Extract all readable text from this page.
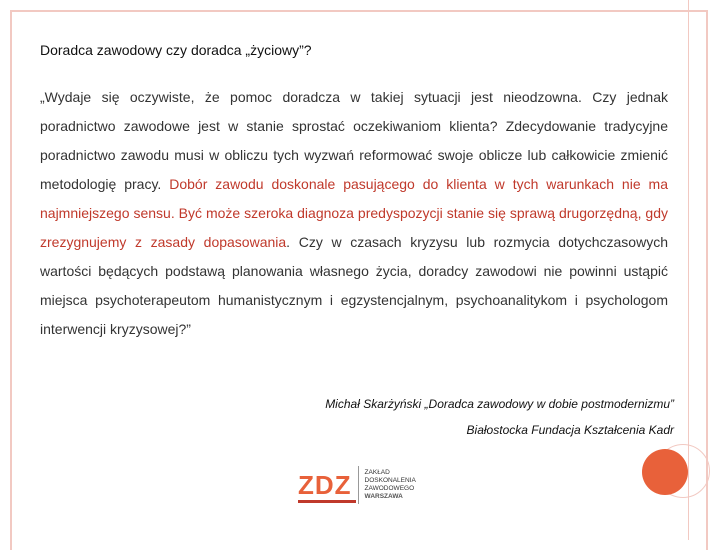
Doradca zawodowy czy doradca „życiowy”?

„Wydaje się oczywiste, że pomoc doradcza w takiej sytuacji jest nieodzowna. Czy jednak poradnictwo zawodowe jest w stanie sprostać oczekiwaniom klienta? Zdecydowanie tradycyjne poradnictwo zawodu musi w obliczu tych wyzwań reformować swoje oblicze lub całkowicie zmienić metodologię pracy. Dobór zawodu doskonale pasującego do klienta w tych warunkach nie ma najmniejszego sensu. Być może szeroka diagnoza predyspozycji stanie się sprawą drugorzędną, gdy zrezygnujemy z zasady dopasowania. Czy w czasach kryzysu lub rozmycia dotychczasowych wartości będących podstawą planowania własnego życia, doradcy zawodowi nie powinni ustąpić miejsca psychoterapeutom humanistycznym i egzystencjalnym, psychoanalitykom i psychologom interwencji kryzysowej?”

Michał Skarżyński „Doradca zawodowy w dobie postmodernizmu”
Białostocka Fundacja Kształcenia Kadr
ZDZ ZAKŁAD
DOSKONALENIA
ZAWODOWEGO
WARSZAWA
